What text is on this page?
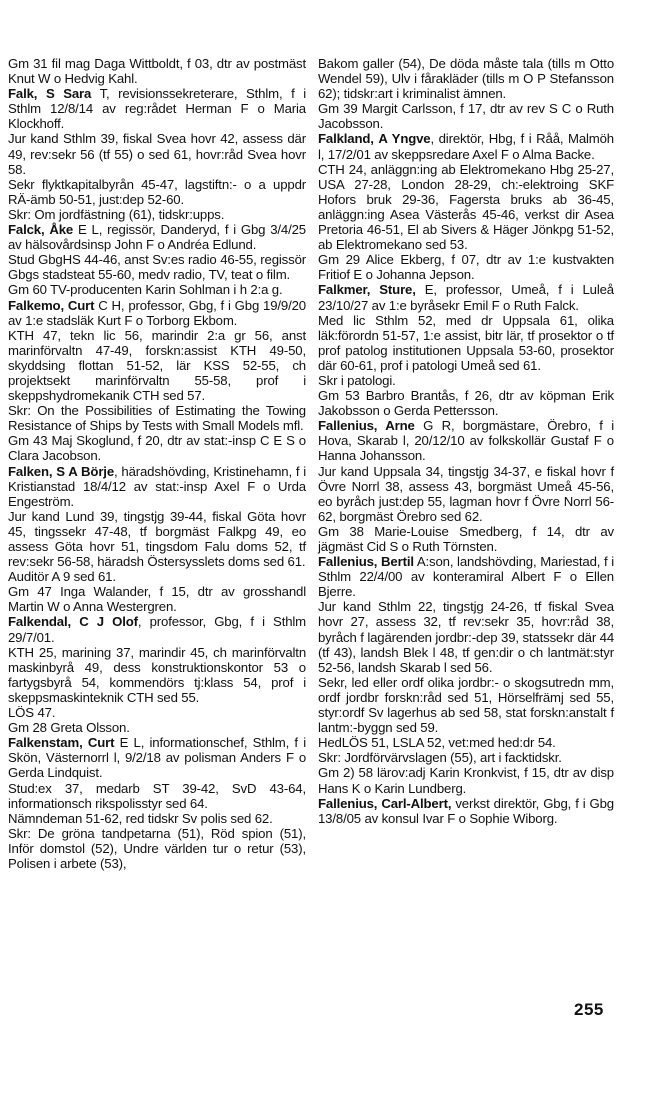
Gm 31 fil mag Daga Wittboldt, f 03, dtr av postmäst Knut W o Hedvig Kahl.

Falk, S Sara T, revisionssekreterare, Sthlm, f i Sthlm 12/8/14 av reg:rådet Herman F o Maria Klockhoff.

Jur kand Sthlm 39, fiskal Svea hovr 42, assess där 49, rev:sekr 56 (tf 55) o sed 61, hovr:råd Svea hovr 58.

Sekr flyktkapitalbyrån 45-47, lagstiftn:- o a uppdr RÄ-ämb 50-51, just:dep 52-60.

Skr: Om jordfästning (61), tidskr:upps.

Falck, Åke E L, regissör, Danderyd, f i Gbg 3/4/25 av hälsovårdsinsp John F o Andréa Edlund.

Stud GbgHS 44-46, anst Sv:es radio 46-55, regissör Gbgs stadsteat 55-60, medv radio, TV, teat o film.

Gm 60 TV-producenten Karin Sohlman i h 2:a g.

Falkemo, Curt C H, professor, Gbg, f i Gbg 19/9/20 av 1:e stadsläk Kurt F o Torborg Ekbom.

KTH 47, tekn lic 56, marindir 2:a gr 56, anst marinförvaltn 47-49, forskn:assist KTH 49-50, skyddsing flottan 51-52, lär KSS 52-55, ch projektsekt marinförvaltn 55-58, prof i skeppshydromekanik CTH sed 57.

Skr: On the Possibilities of Estimating the Towing Resistance of Ships by Tests with Small Models mfl.

Gm 43 Maj Skoglund, f 20, dtr av stat:-insp C E S o Clara Jacobson.

Falken, S A Börje, häradshövding, Kristinehamn, f i Kristianstad 18/4/12 av stat:-insp Axel F o Urda Engeström.

Jur kand Lund 39, tingstjg 39-44, fiskal Göta hovr 45, tingssekr 47-48, tf borgmäst Falkpg 49, eo assess Göta hovr 51, tingsdom Falu doms 52, tf rev:sekr 56-58, häradsh Östersysslets doms sed 61.

Auditör A 9 sed 61.

Gm 47 Inga Walander, f 15, dtr av grosshandl Martin W o Anna Westergren.

Falkendal, C J Olof, professor, Gbg, f i Sthlm 29/7/01.

KTH 25, marining 37, marindir 45, ch marinförvaltn maskinbyrå 49, dess konstruktionskontor 53 o fartygsbyrå 54, kommendörs tj:klass 54, prof i skeppsmaskinteknik CTH sed 55.

LÖS 47.

Gm 28 Greta Olsson.

Falkenstam, Curt E L, informationschef, Sthlm, f i Skön, Västernorrl l, 9/2/18 av polisman Anders F o Gerda Lindquist.

Stud:ex 37, medarb ST 39-42, SvD 43-64, informationsch rikspolisstyr sed 64.

Nämndeman 51-62, red tidskr Sv polis sed 62.

Skr: De gröna tandpetarna (51), Röd spion (51), Inför domstol (52), Undre världen tur o retur (53), Polisen i arbete (53),

Bakom galler (54), De döda måste tala (tills m Otto Wendel 59), Ulv i fårakläder (tills m O P Stefansson 62); tidskr:art i kriminalist ämnen.

Gm 39 Margit Carlsson, f 17, dtr av rev S C o Ruth Jacobsson.

Falkland, A Yngve, direktör, Hbg, f i Råå, Malmöh l, 17/2/01 av skeppsredare Axel F o Alma Backe.

CTH 24, anläggn:ing ab Elektromekano Hbg 25-27, USA 27-28, London 28-29, ch:-elektroing SKF Hofors bruk 29-36, Fagersta bruks ab 36-45, anläggn:ing Asea Västerås 45-46, verkst dir Asea Pretoria 46-51, El ab Sivers & Häger Jönkpg 51-52, ab Elektromekano sed 53.

Gm 29 Alice Ekberg, f 07, dtr av 1:e kustvakten Fritiof E o Johanna Jepson.

Falkmer, Sture, E, professor, Umeå, f i Luleå 23/10/27 av 1:e byråsekr Emil F o Ruth Falck.

Med lic Sthlm 52, med dr Uppsala 61, olika läk:förordn 51-57, 1:e assist, bitr lär, tf prosektor o tf prof patolog institutionen Uppsala 53-60, prosektor där 60-61, prof i patologi Umeå sed 61.

Skr i patologi.

Gm 53 Barbro Brantås, f 26, dtr av köpman Erik Jakobsson o Gerda Pettersson.

Fallenius, Arne G R, borgmästare, Örebro, f i Hova, Skarab l, 20/12/10 av folkskollär Gustaf F o Hanna Johansson.

Jur kand Uppsala 34, tingstjg 34-37, e fiskal hovr f Övre Norrl 38, assess 43, borgmäst Umeå 45-56, eo byråch just:dep 55, lagman hovr f Övre Norrl 56-62, borgmäst Örebro sed 62.

Gm 38 Marie-Louise Smedberg, f 14, dtr av jägmäst Cid S o Ruth Törnsten.

Fallenius, Bertil A:son, landshövding, Mariestad, f i Sthlm 22/4/00 av konteramiral Albert F o Ellen Bjerre.

Jur kand Sthlm 22, tingstjg 24-26, tf fiskal Svea hovr 27, assess 32, tf rev:sekr 35, hovr:råd 38, byråch f lagärenden jordbr:-dep 39, statssekr där 44 (tf 43), landsh Blek l 48, tf gen:dir o ch lantmät:styr 52-56, landsh Skarab l sed 56.

Sekr, led eller ordf olika jordbr:- o skogsutredn mm, ordf jordbr forskn:råd sed 51, Hörselfrämj sed 55, styr:ordf Sv lagerhus ab sed 58, stat forskn:anstalt f lantm:-byggn sed 59.

HedLÖS 51, LSLA 52, vet:med hed:dr 54.

Skr: Jordförvärvslagen (55), art i facktidskr.

Gm 2) 58 lärov:adj Karin Kronkvist, f 15, dtr av disp Hans K o Karin Lundberg.

Fallenius, Carl-Albert, verkst direktör, Gbg, f i Gbg 13/8/05 av konsul Ivar F o Sophie Wiborg.

255
